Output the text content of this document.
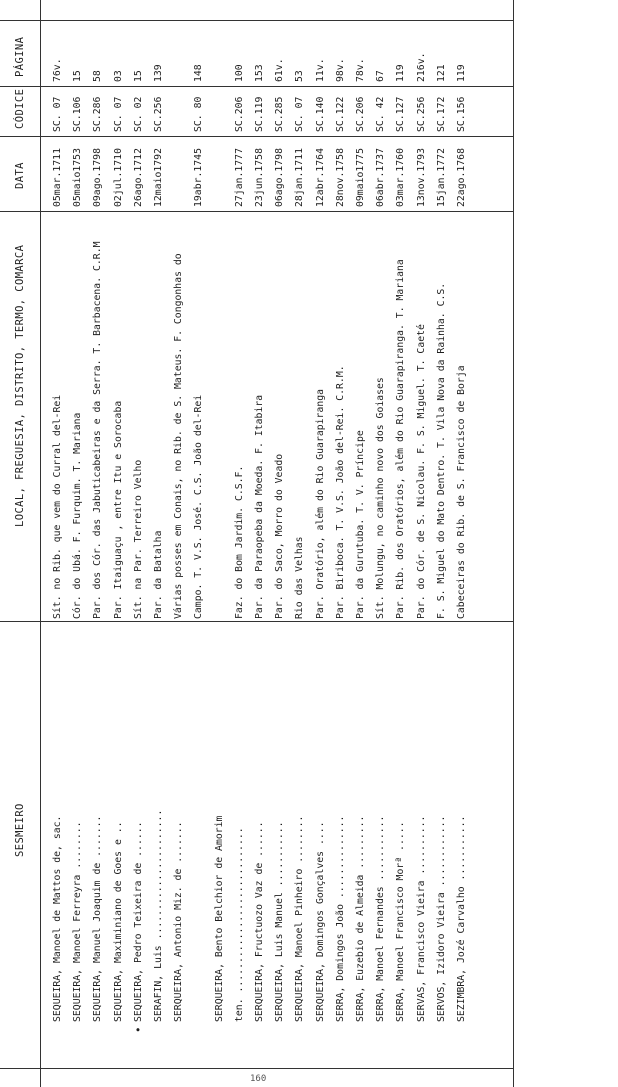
SEQUEIRA, Manoel de Mattos de, sac.
Sít. no Rib. que vem do Curral del-Rei
05mar.1711
SC. 07
76v.
SEQUEIRA, Manoel Ferreyra ........
Cór. do Ubá. F. Furquim. T. Mariana
05maio1753
SC.106
15
SEQUEIRA, Manuel Joaquim de .......
Par. dos Cór. das Jabuticabeiras e da Serra. T. Barbacena. C.R.M
09ago.1798
SC.286
58
SEQUEIRA, Maximiniano de Goes e ..
Par. Itaiguaçu , entre Itu e Sorocaba
02jul.1710
SC. 07
03
SEQUEIRA, Pedro Teixeira de ......
Sít. na Par. Terreiro Velho
26ago.1712
SC. 02
15
•
SERAFIN, Luis ......................
Par. da Batalha
12maio1792
SC.256
139
SERQUEIRA, Antonio Miz. de .......
Várias posses em Conais, no Rib. de S. Mateus. F. Congonhas do Campo. T. V.S. José. C.S. João del-Rei
19abr.1745
SC. 80
148
SERQUEIRA, Bento Belchior de Amorim ten. ............................
Faz. do Bom Jardim. C.S.F.
27jan.1777
SC.206
100
SERQUEIRA, Fructuozo Vaz de ......
Par. da Paraopeba da Moeda. F. Itabira
23jun.1758
SC.119
153
SERQUEIRA, Luis Manuel ...........
Par. do Saco, Morro do Veado
06ago.1798
SC.285
61v.
SERQUEIRA, Manoel Pinheiro ........
Rio das Velhas
28jan.1711
SC. 07
53
SERQUEIRA, Domingos Gonçalves ....
Par. Oratório, além do Rio Guarapiranga
12abr.1764
SC.140
11v.
SERRA, Domingos João ..............
Par. Biriboca. T. V.S. João del-Rei. C.R.M.
28nov.1758
SC.122
98v.
SERRA, Euzebio de Almeida .........
Par. da Gurutuba. T. V. Príncipe
09maio1775
SC.206
78v.
SERRA, Manoel Fernandes ...........
Sít. Molungu, no caminho novo dos Goiases
06abr.1737
SC. 42
67
SERRA, Manoel Francisco Morª .....
Par. Rib. dos Oratórios, além do Rio Guarapiranga. T. Mariana
03mar.1760
SC.127
119
SERVAS, Francisco Vieira ..........
Par. do Cór. de S. Nicolau. F. S. Miguel. T. Caeté
13nov.1793
SC.256
216v.
SERVOS, Izidoro Vieira ............
F. S. Miguel do Mato Dentro. T. Vila Nova da Rainha. C.S.
15jan.1772
SC.172
121
SEZIMBRA, Jozé Carvalho ...........
Cabeceiras do Rib. de S. Francisco de Borja
22ago.1768
SC.156
119
SESMEIRO
LOCAL, FREGUESIA, DISTRITO, TERMO, COMARCA
DATA
CÓDICE
PÁGINA
160
